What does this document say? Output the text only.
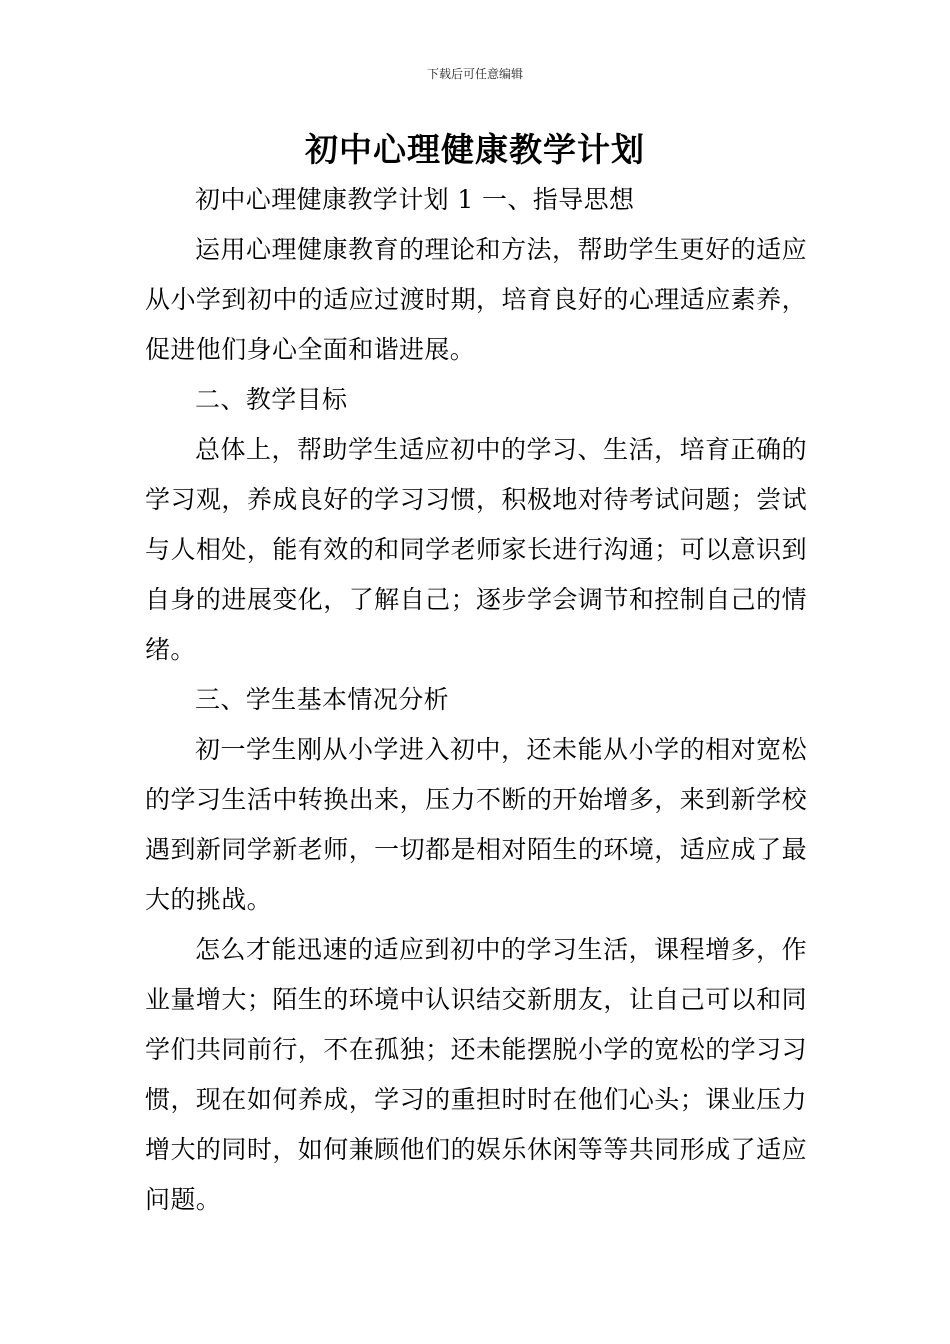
下载后可任意编辑
初中心理健康教学计划

初中心理健康教学计划 1 一、指导思想

运用心理健康教育的理论和方法，帮助学生更好的适应从小学到初中的适应过渡时期，培育良好的心理适应素养，促进他们身心全面和谐进展。

二、教学目标

总体上，帮助学生适应初中的学习、生活，培育正确的学习观，养成良好的学习习惯，积极地对待考试问题；尝试与人相处，能有效的和同学老师家长进行沟通；可以意识到自身的进展变化，了解自己；逐步学会调节和控制自己的情绪。

三、学生基本情况分析

初一学生刚从小学进入初中，还未能从小学的相对宽松的学习生活中转换出来，压力不断的开始增多，来到新学校遇到新同学新老师，一切都是相对陌生的环境，适应成了最大的挑战。

怎么才能迅速的适应到初中的学习生活，课程增多，作业量增大；陌生的环境中认识结交新朋友，让自己可以和同学们共同前行，不在孤独；还未能摆脱小学的宽松的学习习惯，现在如何养成，学习的重担时时在他们心头；课业压力增大的同时，如何兼顾他们的娱乐休闲等等共同形成了适应问题。
